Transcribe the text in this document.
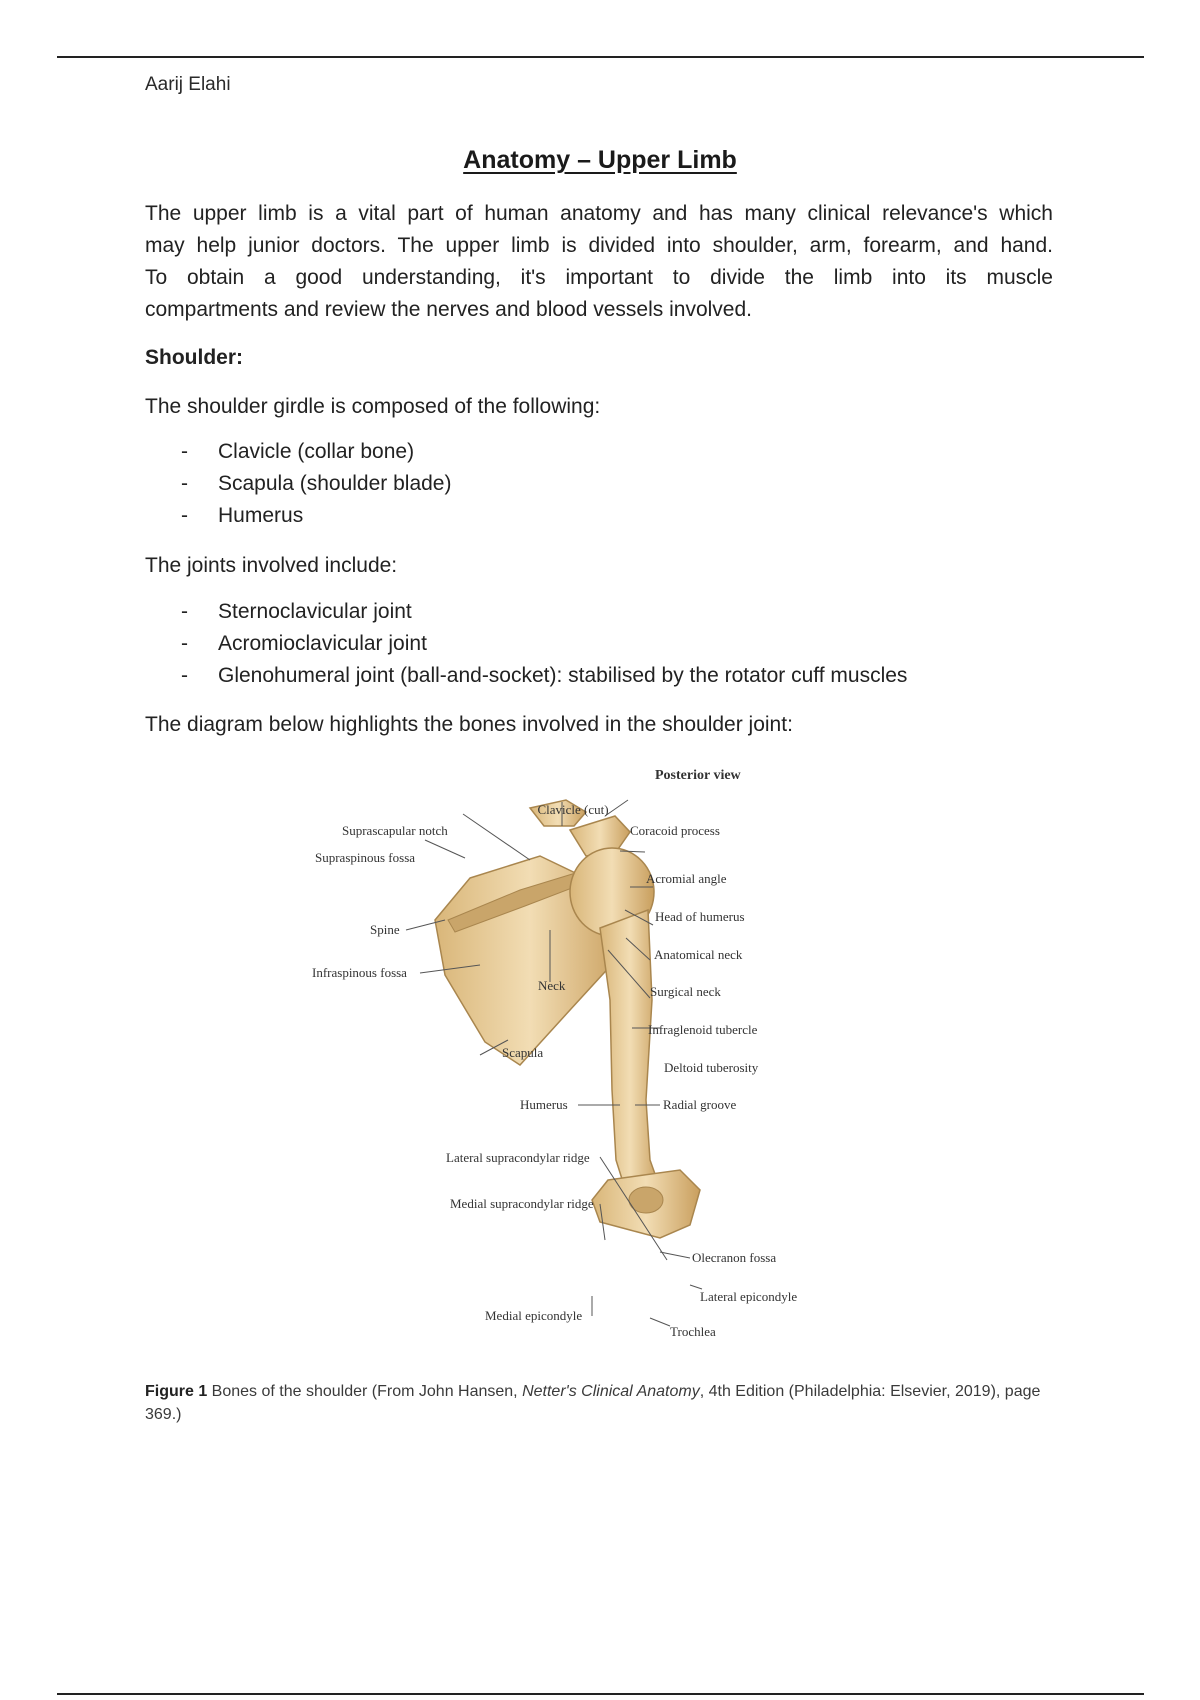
Aarij Elahi
Anatomy – Upper Limb
The upper limb is a vital part of human anatomy and has many clinical relevance's which
may help junior doctors. The upper limb is divided into shoulder, arm, forearm, and hand.
To obtain a good understanding, it's important to divide the limb into its muscle
compartments and review the nerves and blood vessels involved.
Shoulder:
The shoulder girdle is composed of the following:
- Clavicle (collar bone)
- Scapula (shoulder blade)
- Humerus
The joints involved include:
- Sternoclavicular joint
- Acromioclavicular joint
- Glenohumeral joint (ball-and-socket): stabilised by the rotator cuff muscles
The diagram below highlights the bones involved in the shoulder joint:
Posterior view
Clavicle (cut)
Coracoid process
Suprascapular notch
Supraspinous fossa
Acromial angle
Head of humerus
Spine
Anatomical neck
Infraspinous fossa
Neck	Surgical neck
Infraglenoid tubercle
Scapula
Deltoid tuberosity
Humerus	Radial groove
Lateral supracondylar ridge
Medial supracondylar ridge
Olecranon fossa
Lateral epicondyle
Medial epicondyle
Trochlea
Figure 1 Bones of the shoulder (From John Hansen, Netter's Clinical Anatomy, 4th Edition (Philadelphia: Elsevier, 2019), page 369.)
